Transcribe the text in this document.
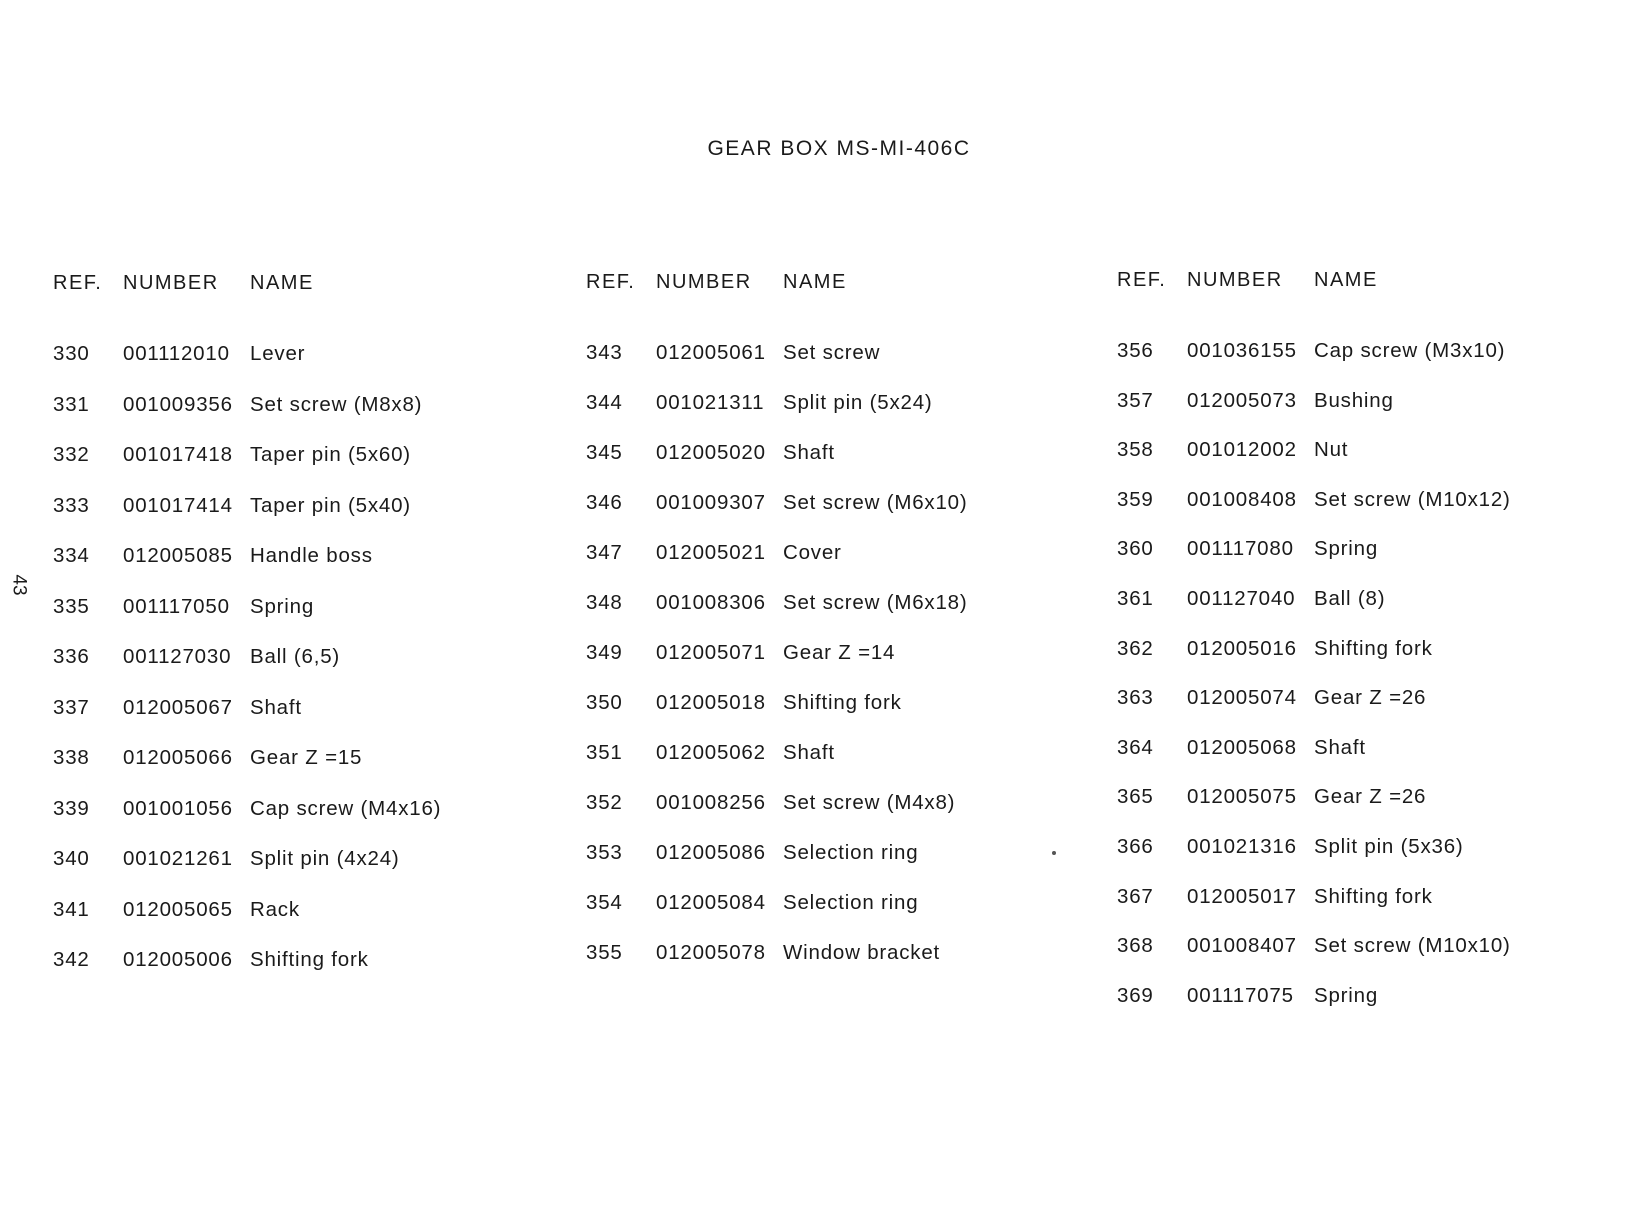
GEAR BOX MS-MI-406C
43
REF. NUMBER NAME
330 001112010 Lever
331 001009356 Set screw (M8x8)
332 001017418 Taper pin (5x60)
333 001017414 Taper pin (5x40)
334 012005085 Handle boss
335 001117050 Spring
336 001127030 Ball (6,5)
337 012005067 Shaft
338 012005066 Gear Z =15
339 001001056 Cap screw (M4x16)
340 001021261 Split pin (4x24)
341 012005065 Rack
342 012005006 Shifting fork
REF. NUMBER NAME
343 012005061 Set screw
344 001021311 Split pin (5x24)
345 012005020 Shaft
346 001009307 Set screw (M6x10)
347 012005021 Cover
348 001008306 Set screw (M6x18)
349 012005071 Gear Z =14
350 012005018 Shifting fork
351 012005062 Shaft
352 001008256 Set screw (M4x8)
353 012005086 Selection ring
354 012005084 Selection ring
355 012005078 Window bracket
REF. NUMBER NAME
356 001036155 Cap screw (M3x10)
357 012005073 Bushing
358 001012002 Nut
359 001008408 Set screw (M10x12)
360 001117080 Spring
361 001127040 Ball (8)
362 012005016 Shifting fork
363 012005074 Gear Z =26
364 012005068 Shaft
365 012005075 Gear Z =26
366 001021316 Split pin (5x36)
367 012005017 Shifting fork
368 001008407 Set screw (M10x10)
369 001117075 Spring
